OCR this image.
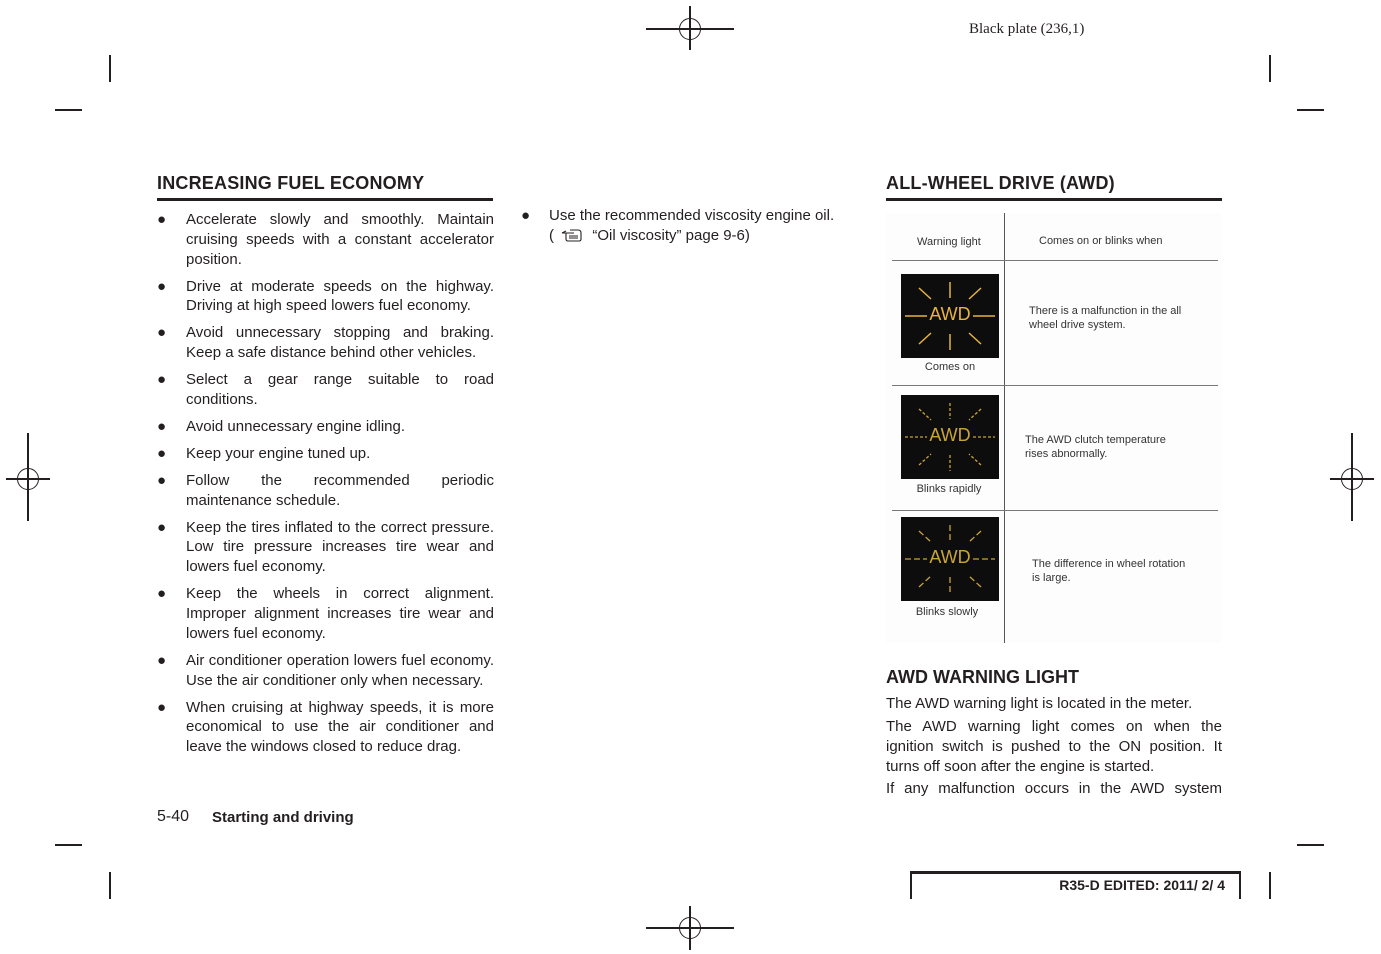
Black plate (236,1)
INCREASING FUEL ECONOMY
● Accelerate slowly and smoothly. Maintain cruising speeds with a constant accelerator position.
● Drive at moderate speeds on the highway. Driving at high speed lowers fuel economy.
● Avoid unnecessary stopping and braking. Keep a safe distance behind other vehicles.
● Select a gear range suitable to road conditions.
● Avoid unnecessary engine idling.
● Keep your engine tuned up.
● Follow the recommended periodic maintenance schedule.
● Keep the tires inflated to the correct pressure. Low tire pressure increases tire wear and lowers fuel economy.
● Keep the wheels in correct alignment. Improper alignment increases tire wear and lowers fuel economy.
● Air conditioner operation lowers fuel economy. Use the air conditioner only when necessary.
● When cruising at highway speeds, it is more economical to use the air conditioner and leave the windows closed to reduce drag.
● Use the recommended viscosity engine oil.
(	“Oil viscosity” page 9-6)
ALL-WHEEL DRIVE (AWD)
Warning light	Comes on or blinks when
AWD
Comes on
There is a malfunction in the all wheel drive system.
AWD
Blinks rapidly
The AWD clutch temperature rises abnormally.
AWD
Blinks slowly
The difference in wheel rotation is large.
AWD WARNING LIGHT
The AWD warning light is located in the meter.
The AWD warning light comes on when the ignition switch is pushed to the ON position. It turns off soon after the engine is started.
If any malfunction occurs in the AWD system
5-40 Starting and driving
R35-D EDITED: 2011/ 2/ 4
